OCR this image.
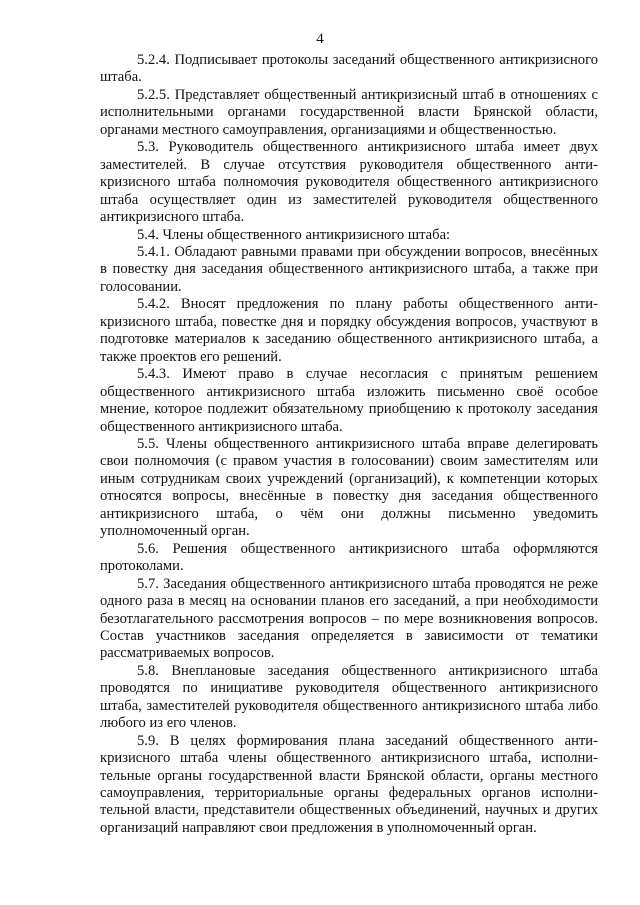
4

5.2.4. Подписывает протоколы заседаний общественного антикризисного штаба.

5.2.5. Представляет общественный антикризисный штаб в отношениях с исполнительными органами государственной власти Брянской области, органами местного самоуправления, организациями и общественностью.

5.3. Руководитель общественного антикризисного штаба имеет двух заместителей. В случае отсутствия руководителя общественного антикризисного штаба полномочия руководителя общественного антикризисного штаба осуществляет один из заместителей руководителя общественного антикризисного штаба.

5.4. Члены общественного антикризисного штаба:

5.4.1. Обладают равными правами при обсуждении вопросов, внесённых в повестку дня заседания общественного антикризисного штаба, а также при голосовании.

5.4.2. Вносят предложения по плану работы общественного антикризисного штаба, повестке дня и порядку обсуждения вопросов, участвуют в подготовке материалов к заседанию общественного антикризисного штаба, а также проектов его решений.

5.4.3. Имеют право в случае несогласия с принятым решением общественного антикризисного штаба изложить письменно своё особое мнение, которое подлежит обязательному приобщению к протоколу заседания общественного антикризисного штаба.

5.5. Члены общественного антикризисного штаба вправе делегировать свои полномочия (с правом участия в голосовании) своим заместителям или иным сотрудникам своих учреждений (организаций), к компетенции которых относятся вопросы, внесённые в повестку дня заседания общественного антикризисного штаба, о чём они должны письменно уведомить уполномоченный орган.

5.6. Решения общественного антикризисного штаба оформляются протоколами.

5.7. Заседания общественного антикризисного штаба проводятся не реже одного раза в месяц на основании планов его заседаний, а при необходимости безотлагательного рассмотрения вопросов – по мере возникновения вопросов. Состав участников заседания определяется в зависимости от тематики рассматриваемых вопросов.

5.8. Внеплановые заседания общественного антикризисного штаба проводятся по инициативе руководителя общественного антикризисного штаба, заместителей руководителя общественного антикризисного штаба либо любого из его членов.

5.9. В целях формирования плана заседаний общественного антикризисного штаба члены общественного антикризисного штаба, исполнительные органы государственной власти Брянской области, органы местного самоуправления, территориальные органы федеральных органов исполнительной власти, представители общественных объединений, научных и других организаций направляют свои предложения в уполномоченный орган.
